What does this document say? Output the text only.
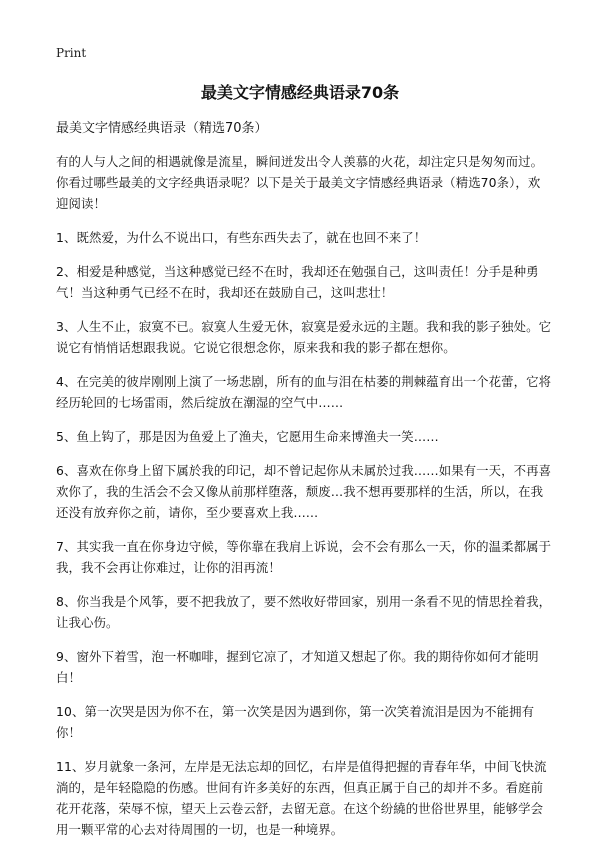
Print
最美文字情感经典语录70条

最美文字情感经典语录（精选70条）

有的人与人之间的相遇就像是流星，瞬间迸发出令人羡慕的火花，却注定只是匆匆而过。你看过哪些最美的文字经典语录呢？以下是关于最美文字情感经典语录（精选70条），欢迎阅读！

1、既然爱，为什么不说出口，有些东西失去了，就在也回不来了！

2、相爱是种感觉，当这种感觉已经不在时，我却还在勉强自己，这叫责任！分手是种勇气！当这种勇气已经不在时，我却还在鼓励自己，这叫悲壮！

3、人生不止，寂寞不已。寂寞人生爱无休，寂寞是爱永远的主题。我和我的影子独处。它说它有悄悄话想跟我说。它说它很想念你，原来我和我的影子都在想你。

4、在完美的彼岸刚刚上演了一场悲剧，所有的血与泪在枯萎的荆棘蕴育出一个花蕾，它将经历轮回的七场雷雨，然后绽放在潮湿的空气中……

5、鱼上钩了，那是因为鱼爱上了渔夫，它愿用生命来博渔夫一笑……

6、喜欢在你身上留下属於我的印记，却不曾记起你从未属於过我……如果有一天，不再喜欢你了，我的生活会不会又像从前那样堕落，颓废…我不想再要那样的生活，所以，在我还没有放弃你之前，请你，至少要喜欢上我……

7、其实我一直在你身边守候，等你靠在我肩上诉说，会不会有那么一天，你的温柔都属于我，我不会再让你难过，让你的泪再流！

8、你当我是个风筝，要不把我放了，要不然收好带回家，别用一条看不见的情思拴着我，让我心伤。

9、窗外下着雪，泡一杯咖啡，握到它凉了，才知道又想起了你。我的期待你如何才能明白！

10、第一次哭是因为你不在，第一次笑是因为遇到你，第一次笑着流泪是因为不能拥有你！

11、岁月就象一条河，左岸是无法忘却的回忆，右岸是值得把握的青春年华，中间飞快流淌的，是年轻隐隐的伤感。世间有许多美好的东西，但真正属于自己的却并不多。看庭前花开花落，荣辱不惊，望天上云卷云舒，去留无意。在这个纷繞的世俗世界里，能够学会用一颗平常的心去对待周围的一切，也是一种境界。
